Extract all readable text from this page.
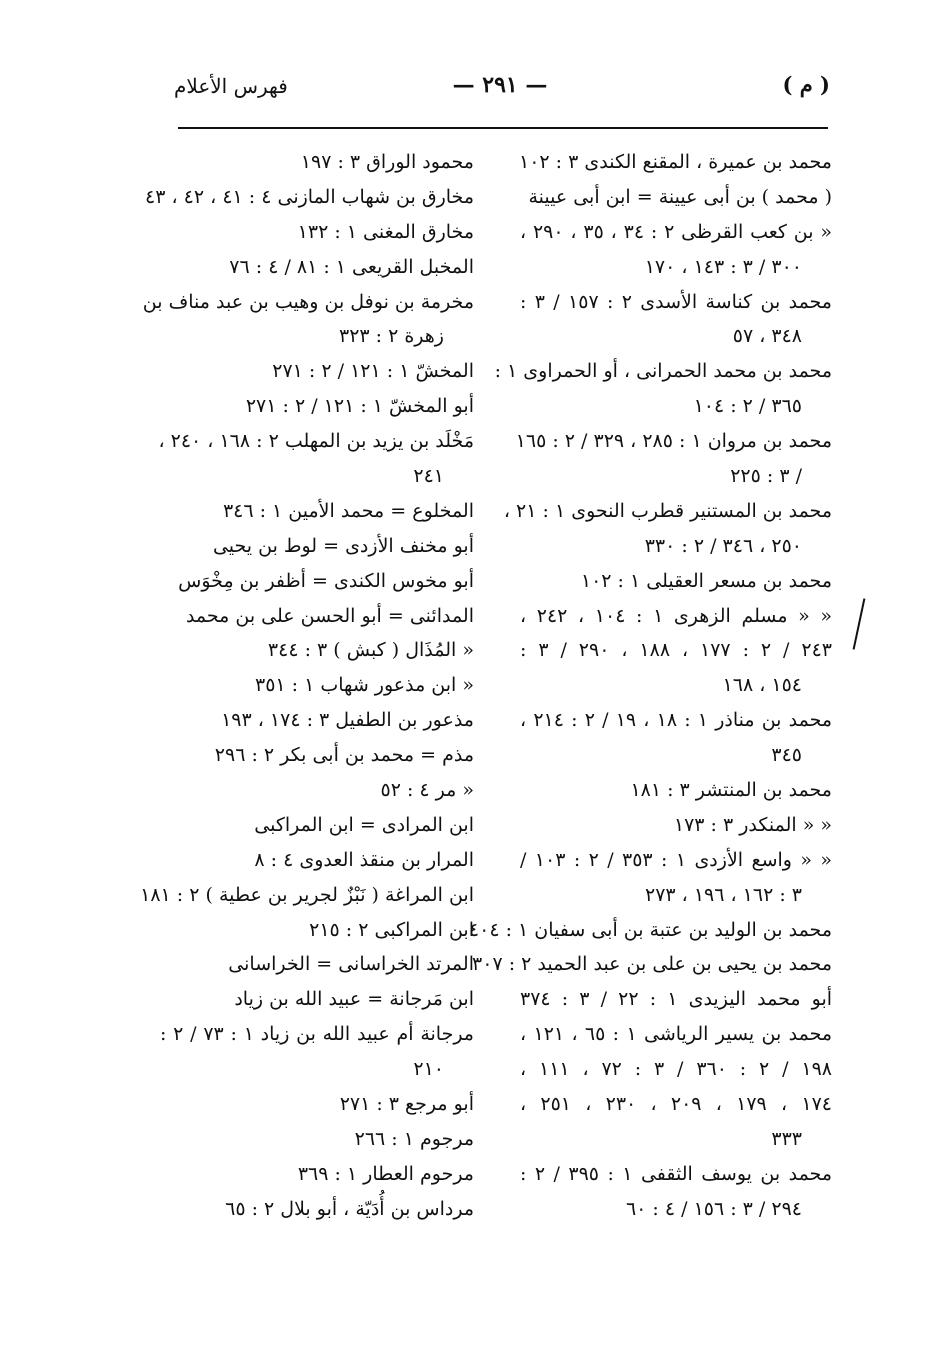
( م )
— ٢٩١ —
فهرس الأعلام
محمد بن عميرة ، المقنع الكندى ٣ : ١٠٢
( محمد ) بن أبى عيينة = ابن أبى عيينة
« بن كعب القرظى ٢ : ٣٤ ، ٣٥ ، ٢٩٠ ،
٣٠٠ / ٣ : ١٤٣ ، ١٧٠
محمد بن كناسة الأسدى ٢ : ١٥٧ / ٣ :
٣٤٨ ، ٥٧
محمد بن محمد الحمرانى ، أو الحمراوى ١ :
٣٦٥ / ٢ : ١٠٤
محمد بن مروان ١ : ٢٨٥ ، ٣٢٩ / ٢ : ١٦٥
/ ٣ : ٢٢٥
محمد بن المستنير قطرب النحوى ١ : ٢١ ،
٢٥٠ ، ٣٤٦ / ٢ : ٣٣٠
محمد بن مسعر العقيلى ١ : ١٠٢
« « مسلم الزهرى ١ : ١٠٤ ، ٢٤٢ ،
٢٤٣ / ٢ : ١٧٧ ، ١٨٨ ، ٢٩٠ / ٣ :
١٥٤ ، ١٦٨
محمد بن مناذر ١ : ١٨ ، ١٩ / ٢ : ٢١٤ ،
٣٤٥
محمد بن المنتشر ٣ : ١٨١
« « المنكدر ٣ : ١٧٣
« « واسع الأزدى ١ : ٣٥٣ / ٢ : ١٠٣ /
٣ : ١٦٢ ، ١٩٦ ، ٢٧٣
محمد بن الوليد بن عتبة بن أبى سفيان ١ : ٤٠٤
محمد بن يحيى بن على بن عبد الحميد ٢ : ٣٠٧
أبو محمد اليزيدى ١ : ٢٢ / ٣ : ٣٧٤
محمد بن يسير الرياشى ١ : ٦٥ ، ١٢١ ،
١٩٨ / ٢ : ٣٦٠ / ٣ : ٧٢ ، ١١١ ،
١٧٤ ، ١٧٩ ، ٢٠٩ ، ٢٣٠ ، ٢٥١ ،
٣٣٣
محمد بن يوسف الثقفى ١ : ٣٩٥ / ٢ :
٢٩٤ / ٣ : ١٥٦ / ٤ : ٦٠
محمود الوراق ٣ : ١٩٧
مخارق بن شهاب المازنى ٤ : ٤١ ، ٤٢ ، ٤٣
مخارق المغنى ١ : ١٣٢
المخبل القريعى ١ : ٨١ / ٤ : ٧٦
مخرمة بن نوفل بن وهيب بن عبد مناف بن
زهرة ٢ : ٣٢٣
المخشّ ١ : ١٢١ / ٢ : ٢٧١
أبو المخشّ ١ : ١٢١ / ٢ : ٢٧١
مَخْلَد بن يزيد بن المهلب ٢ : ١٦٨ ، ٢٤٠ ،
٢٤١
المخلوع = محمد الأمين ١ : ٣٤٦
أبو مخنف الأزدى = لوط بن يحيى
أبو مخوس الكندى = أظفر بن مِخْوَس
المدائنى = أبو الحسن على بن محمد
« المُذَال ( كبش ) ٣ : ٣٤٤
« ابن مذعور شهاب ١ : ٣٥١
مذعور بن الطفيل ٣ : ١٧٤ ، ١٩٣
مذم = محمد بن أبى بكر ٢ : ٢٩٦
« مر ٤ : ٥٢
ابن المرادى = ابن المراكبى
المرار بن منقذ العدوى ٤ : ٨
ابن المراغة ( نَبْزٌ لجرير بن عطية ) ٢ : ١٨١
ابن المراكبى ٢ : ٢١٥
المرتد الخراسانى = الخراسانى
ابن مَرجانة = عبيد الله بن زياد
مرجانة أم عبيد الله بن زياد ١ : ٧٣ / ٢ :
٢١٠
أبو مرجع ٣ : ٢٧١
مرجوم ١ : ٢٦٦
مرحوم العطار ١ : ٣٦٩
مرداس بن أُدَيّة ، أبو بلال ٢ : ٦٥
